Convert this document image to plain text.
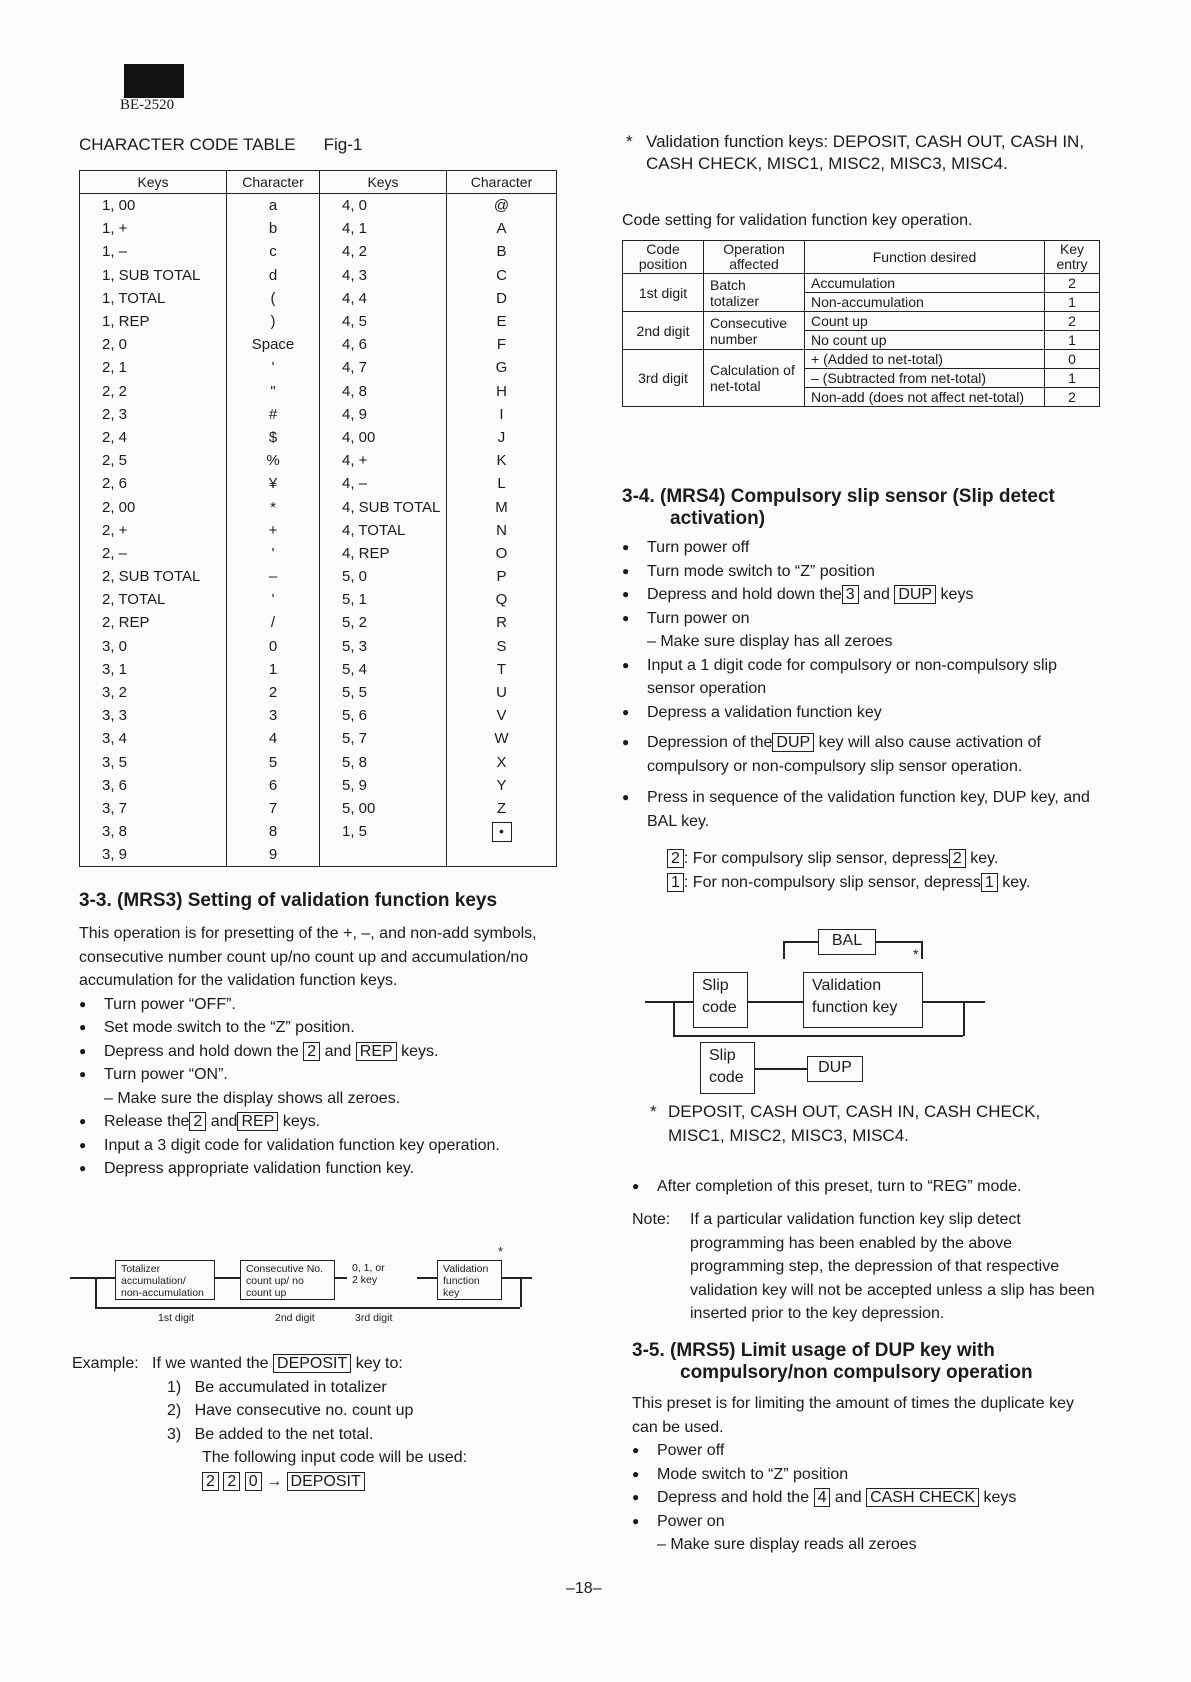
BE-2520
CHARACTER CODE TABLE Fig-1
Keys	Character	Keys	Character
1, 00	a	4, 0	@
1, +	b	4, 1	A
1, –	c	4, 2	B
1, SUB TOTAL	d	4, 3	C
1, TOTAL	(	4, 4	D
1, REP	)	4, 5	E
2, 0	Space	4, 6	F
2, 1	'	4, 7	G
2, 2	"	4, 8	H
2, 3	#	4, 9	I
2, 4	$	4, 00	J
2, 5	%	4, +	K
2, 6	¥	4, –	L
2, 00	*	4, SUB TOTAL	M
2, +	+	4, TOTAL	N
2, –	'	4, REP	O
2, SUB TOTAL	–	5, 0	P
2, TOTAL	'	5, 1	Q
2, REP	/	5, 2	R
3, 0	0	5, 3	S
3, 1	1	5, 4	T
3, 2	2	5, 5	U
3, 3	3	5, 6	V
3, 4	4	5, 7	W
3, 5	5	5, 8	X
3, 6	6	5, 9	Y
3, 7	7	5, 00	Z
3, 8	8	1, 5	•
3, 9	9		
3-3. (MRS3) Setting of validation function keys
This operation is for presetting of the +, –, and non-add symbols, consecutive number count up/no count up and accumulation/no accumulation for the validation function keys.
● Turn power “OFF”.
● Set mode switch to the “Z” position.
● Depress and hold down the 2 and REP keys.
● Turn power “ON”.
– Make sure the display shows all zeroes.
● Release the 2 and REP keys.
● Input a 3 digit code for validation function key operation.
● Depress appropriate validation function key.
Totalizer accumulation/ non-accumulation
Consecutive No. count up/ no count up
0, 1, or
2 key
Validation function key
*
1st digit	2nd digit	3rd digit
Example: If we wanted the DEPOSIT key to:
1) Be accumulated in totalizer
2) Have consecutive no. count up
3) Be added to the net total.
The following input code will be used:
2 2 0 → DEPOSIT
* Validation function keys: DEPOSIT, CASH OUT, CASH IN, CASH CHECK, MISC1, MISC2, MISC3, MISC4.
Code setting for validation function key operation.
Code position	Operation affected	Function desired	Key entry
1st digit	Batch totalizer	Accumulation	2
		Non-accumulation	1
2nd digit	Consecutive number	Count up	2
		No count up	1
3rd digit	Calculation of net-total	+ (Added to net-total)	0
		– (Subtracted from net-total)	1
		Non-add (does not affect net-total)	2
3-4. (MRS4) Compulsory slip sensor (Slip detect activation)
● Turn power off
● Turn mode switch to “Z” position
● Depress and hold down the 3 and DUP keys
● Turn power on
– Make sure display has all zeroes
● Input a 1 digit code for compulsory or non-compulsory slip sensor operation
● Depress a validation function key
● Depression of the DUP key will also cause activation of compulsory or non-compulsory slip sensor operation.
● Press in sequence of the validation function key, DUP key, and BAL key.
2 : For compulsory slip sensor, depress 2 key.
1 : For non-compulsory slip sensor, depress 1 key.
BAL
*
Slip code
Validation function key
Slip code
DUP
* DEPOSIT, CASH OUT, CASH IN, CASH CHECK, MISC1, MISC2, MISC3, MISC4.
● After completion of this preset, turn to “REG” mode.
Note:	If a particular validation function key slip detect programming has been enabled by the above programming step, the depression of that respective validation key will not be accepted unless a slip has been inserted prior to the key depression.
3-5. (MRS5) Limit usage of DUP key with compulsory/non compulsory operation
This preset is for limiting the amount of times the duplicate key can be used.
● Power off
● Mode switch to “Z” position
● Depress and hold the 4 and CASH CHECK keys
● Power on
– Make sure display reads all zeroes
–18–
